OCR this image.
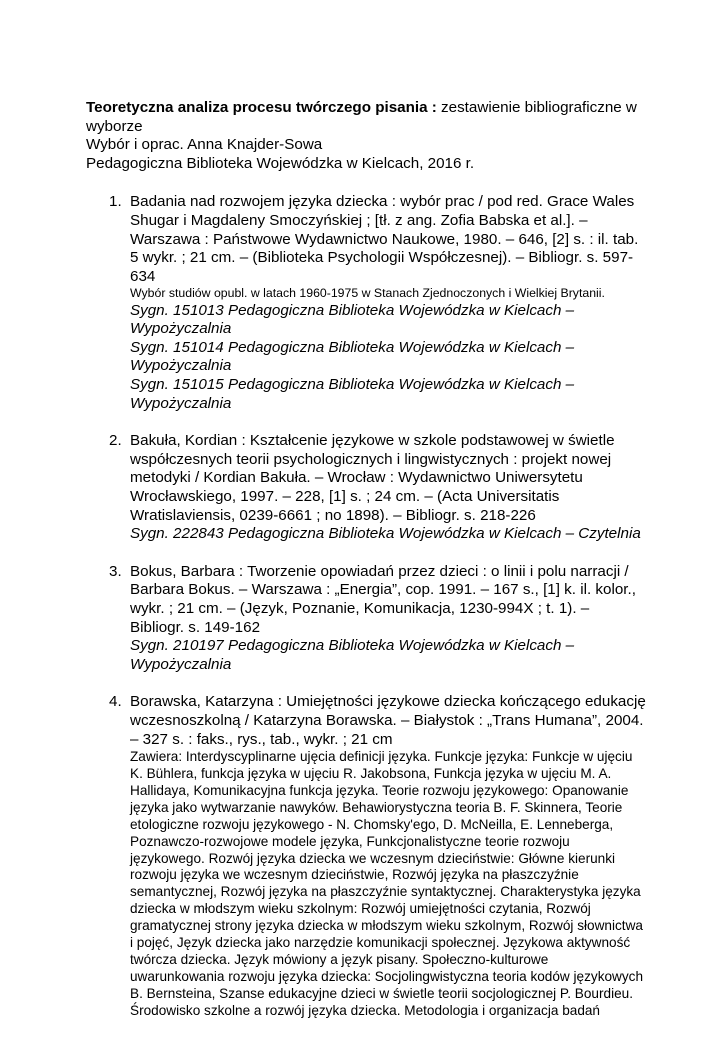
Teoretyczna analiza procesu twórczego pisania : zestawienie bibliograficzne w wyborze

Wybór i oprac. Anna Knajder-Sowa

Pedagogiczna Biblioteka Wojewódzka w Kielcach, 2016 r.

1. Badania nad rozwojem języka dziecka : wybór prac / pod red. Grace Wales Shugar i Magdaleny Smoczyńskiej ; [tł. z ang. Zofia Babska et al.]. – Warszawa : Państwowe Wydawnictwo Naukowe, 1980. – 646, [2] s. : il. tab. 5 wykr. ; 21 cm. – (Biblioteka Psychologii Współczesnej). – Bibliogr. s. 597-634

Wybór studiów opubl. w latach 1960-1975 w Stanach Zjednoczonych i Wielkiej Brytanii.

Sygn. 151013 Pedagogiczna Biblioteka Wojewódzka w Kielcach – Wypożyczalnia

Sygn. 151014 Pedagogiczna Biblioteka Wojewódzka w Kielcach – Wypożyczalnia

Sygn. 151015 Pedagogiczna Biblioteka Wojewódzka w Kielcach – Wypożyczalnia

2. Bakuła, Kordian : Kształcenie językowe w szkole podstawowej w świetle współczesnych teorii psychologicznych i lingwistycznych : projekt nowej metodyki / Kordian Bakuła. – Wrocław : Wydawnictwo Uniwersytetu Wrocławskiego, 1997. – 228, [1] s. ; 24 cm. – (Acta Universitatis Wratislaviensis, 0239-6661 ; no 1898). – Bibliogr. s. 218-226

Sygn. 222843 Pedagogiczna Biblioteka Wojewódzka w Kielcach – Czytelnia

3. Bokus, Barbara : Tworzenie opowiadań przez dzieci : o linii i polu narracji / Barbara Bokus. – Warszawa : „Energia”, cop. 1991. – 167 s., [1] k. il. kolor., wykr. ; 21 cm. – (Język, Poznanie, Komunikacja, 1230-994X ; t. 1). – Bibliogr. s. 149-162

Sygn. 210197 Pedagogiczna Biblioteka Wojewódzka w Kielcach – Wypożyczalnia

4. Borawska, Katarzyna : Umiejętności językowe dziecka kończącego edukację wczesnoszkolną / Katarzyna Borawska. – Białystok : „Trans Humana”, 2004. – 327 s. : faks., rys., tab., wykr. ; 21 cm

Zawiera: Interdyscyplinarne ujęcia definicji języka. Funkcje języka: Funkcje w ujęciu K. Bühlera, funkcja języka w ujęciu R. Jakobsona, Funkcja języka w ujęciu M. A. Hallidaya, Komunikacyjna funkcja języka. Teorie rozwoju językowego: Opanowanie języka jako wytwarzanie nawyków. Behawiorystyczna teoria B. F. Skinnera, Teorie etologiczne rozwoju językowego - N. Chomsky'ego, D. McNeilla, E. Lenneberga, Poznawczo-rozwojowe modele języka, Funkcjonalistyczne teorie rozwoju językowego. Rozwój języka dziecka we wczesnym dzieciństwie: Główne kierunki rozwoju języka we wczesnym dzieciństwie, Rozwój języka na płaszczyźnie semantycznej, Rozwój języka na płaszczyźnie syntaktycznej. Charakterystyka języka dziecka w młodszym wieku szkolnym: Rozwój umiejętności czytania, Rozwój gramatycznej strony języka dziecka w młodszym wieku szkolnym, Rozwój słownictwa i pojęć, Język dziecka jako narzędzie komunikacji społecznej. Językowa aktywność twórcza dziecka. Język mówiony a język pisany. Społeczno-kulturowe uwarunkowania rozwoju języka dziecka: Socjolingwistyczna teoria kodów językowych B. Bernsteina, Szanse edukacyjne dzieci w świetle teorii socjologicznej P. Bourdieu. Środowisko szkolne a rozwój języka dziecka. Metodologia i organizacja badań
